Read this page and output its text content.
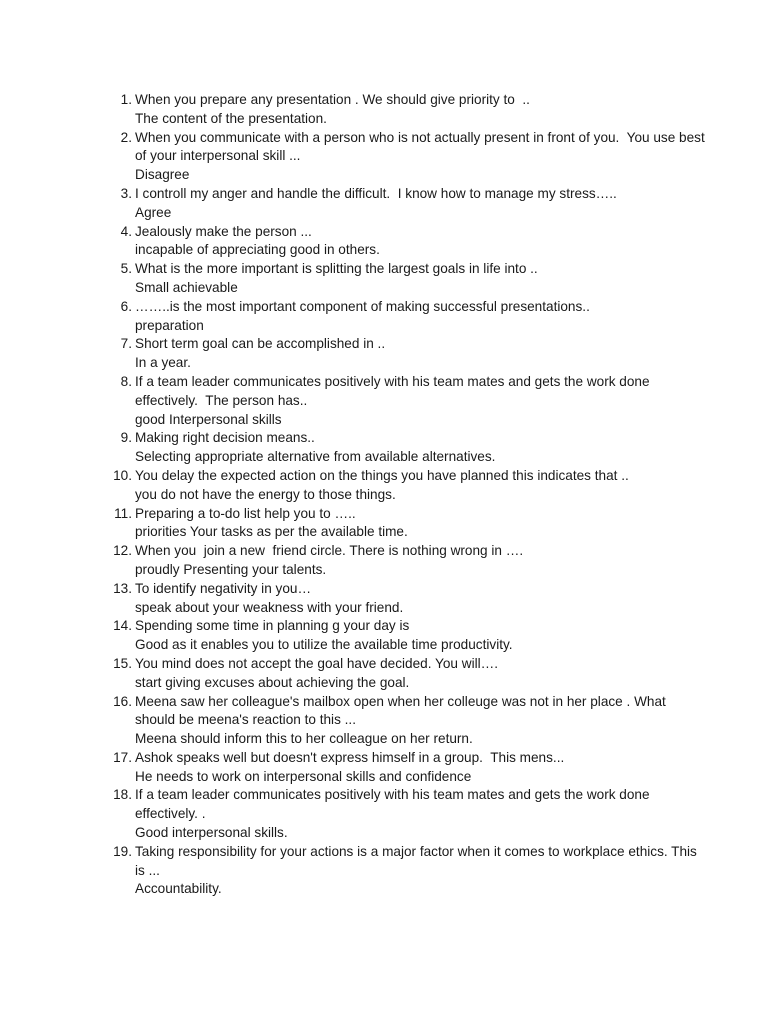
1. When you prepare any presentation . We should give priority to  ..
The content of the presentation.
2. When you communicate with a person who is not actually present in front of you.  You use best of your interpersonal skill ...
Disagree
3. I controll my anger and handle the difficult.  I know how to manage my stress…..
Agree
4. Jealously make the person ...
incapable of appreciating good in others.
5. What is the more important is splitting the largest goals in life into ..
Small achievable
6. ……..is the most important component of making successful presentations..
preparation
7. Short term goal can be accomplished in ..
In a year.
8. If a team leader communicates positively with his team mates and gets the work done effectively.  The person has..
good Interpersonal skills
9. Making right decision means..
Selecting appropriate alternative from available alternatives.
10. You delay the expected action on the things you have planned this indicates that ..
you do not have the energy to those things.
11. Preparing a to-do list help you to …..
priorities Your tasks as per the available time.
12. When you  join a new  friend circle. There is nothing wrong in ….
proudly Presenting your talents.
13. To identify negativity in you…
speak about your weakness with your friend.
14. Spending some time in planning g your day is
Good as it enables you to utilize the available time productivity.
15. You mind does not accept the goal have decided. You will….
start giving excuses about achieving the goal.
16. Meena saw her colleague's mailbox open when her colleuge was not in her place . What should be meena's reaction to this ...
Meena should inform this to her colleague on her return.
17. Ashok speaks well but doesn't express himself in a group.  This mens...
He needs to work on interpersonal skills and confidence
18. If a team leader communicates positively with his team mates and gets the work done effectively. .
Good interpersonal skills.
19. Taking responsibility for your actions is a major factor when it comes to workplace ethics. This is ...
Accountability.
